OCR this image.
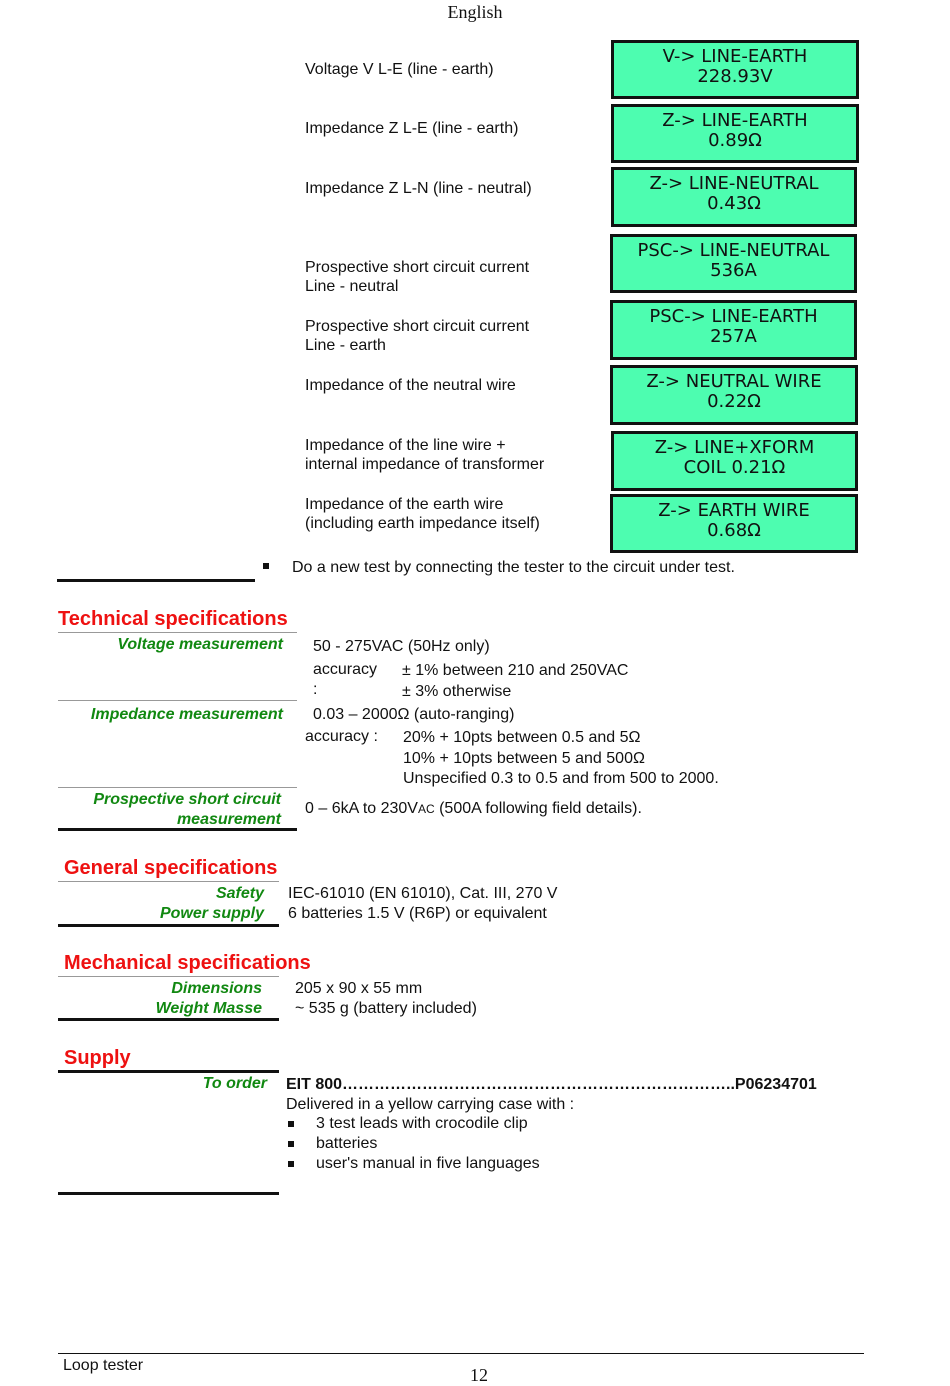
English
Voltage V L-E (line - earth)
Impedance Z L-E (line - earth)
Impedance Z L-N (line - neutral)
Prospective short circuit current
Line - neutral
Prospective short circuit current
Line - earth
Impedance of the neutral wire
Impedance of the line wire +
internal impedance of transformer
Impedance of the earth wire
(including earth impedance itself)
V-> LINE-EARTH
228.93V
Z-> LINE-EARTH
0.89Ω
Z-> LINE-NEUTRAL
0.43Ω
PSC-> LINE-NEUTRAL
536A
PSC-> LINE-EARTH
257A
Z-> NEUTRAL WIRE
0.22Ω
Z-> LINE+XFORM
COIL 0.21Ω
Z-> EARTH WIRE
0.68Ω
Do a new test by connecting the tester to the circuit under test.
Technical specifications
Voltage measurement 50 - 275VAC (50Hz only)
accuracy
:
± 1% between 210 and 250VAC
± 3% otherwise
Impedance measurement 0.03 – 2000Ω (auto-ranging)
accuracy : 20% + 10pts between 0.5 and 5Ω
10% + 10pts between 5 and 500Ω
Unspecified 0.3 to 0.5 and from 500 to 2000.
Prospective short circuit
measurement
0 – 6kA to 230VAC (500A following field details).
General specifications
Safety IEC-61010 (EN 61010), Cat. III, 270 V
Power supply 6 batteries 1.5 V (R6P) or equivalent
Mechanical specifications
Dimensions 205 x 90 x 55 mm
Weight Masse ~ 535 g (battery included)
Supply
To order EIT 800………………………………………………………………..P06234701
Delivered in a yellow carrying case with :
3 test leads with crocodile clip
batteries
user's manual in five languages
Loop tester	12
